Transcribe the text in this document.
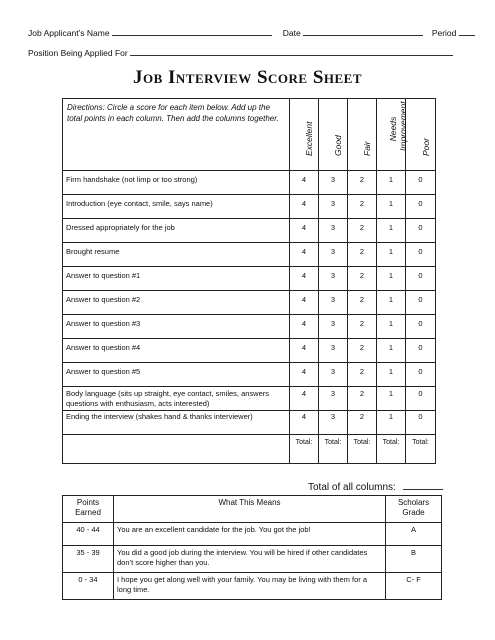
Job Applicant’s Name	Date	Period
Position Being Applied For
Job Interview Score Sheet
Directions: Circle a score for each item below. Add up the total points in each column. Then add the columns together.	Excellent	Good	Fair	Needs Improvement	Poor

Firm handshake (not limp or too strong)	4	3	2	1	0
Introduction (eye contact, smile, says name)	4	3	2	1	0
Dressed appropriately for the job	4	3	2	1	0
Brought resume	4	3	2	1	0
Answer to question #1	4	3	2	1	0
Answer to question #2	4	3	2	1	0
Answer to question #3	4	3	2	1	0
Answer to question #4	4	3	2	1	0
Answer to question #5	4	3	2	1	0
Body language (sits up straight, eye contact, smiles, answers questions with enthusiasm, acts interested)	4	3	2	1	0
Ending the interview (shakes hand & thanks interviewer)	4	3	2	1	0
	Total:	Total:	Total:	Total:	Total:
Total of all columns:
Points Earned	What This Means	Scholars Grade
40 - 44	You are an excellent candidate for the job. You got the job!	A
35 - 39	You did a good job during the interview. You will be hired if other candidates don’t score higher than you.	B
0 - 34	I hope you get along well with your family. You may be living with them for a long time.	C- F
